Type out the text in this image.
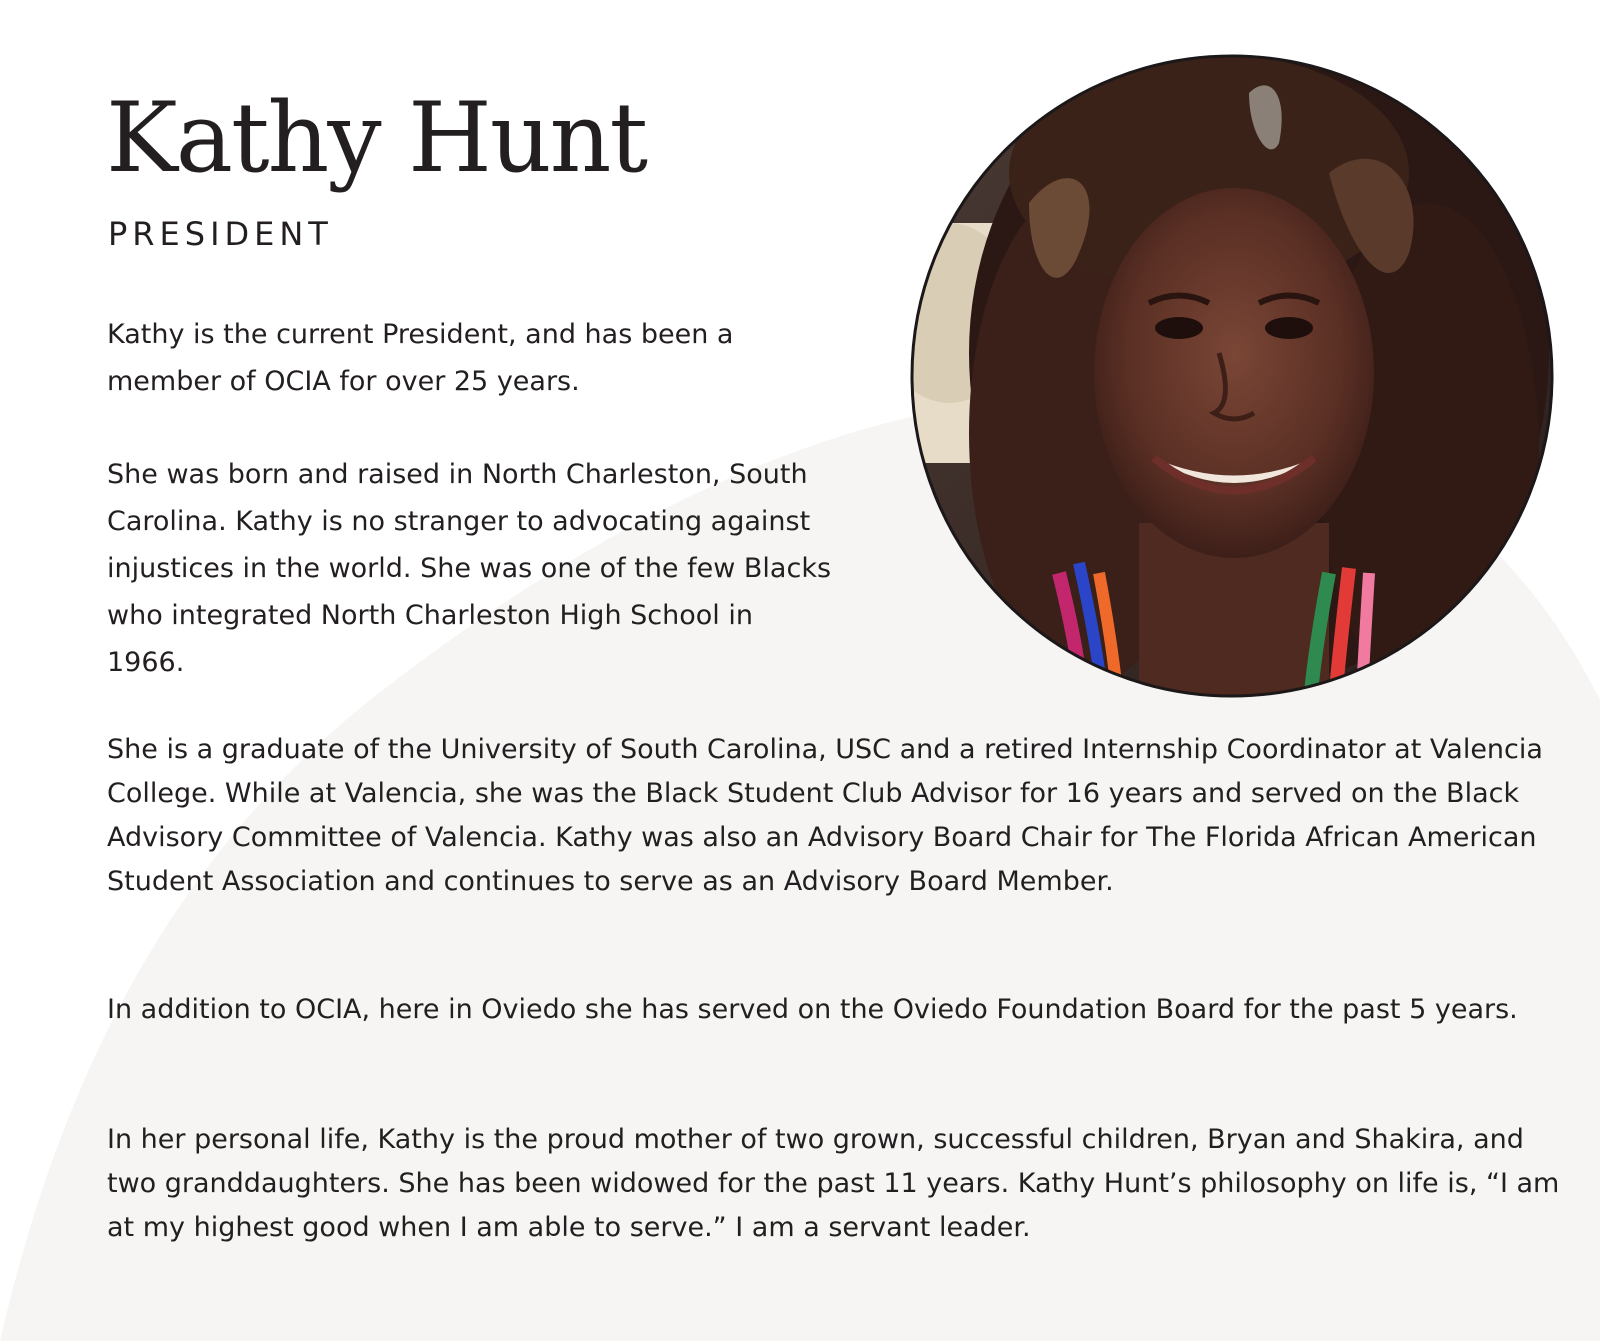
Kathy Hunt
PRESIDENT

Kathy is the current President, and has been a member of OCIA for over 25 years.

She was born and raised in North Charleston, South Carolina. Kathy is no stranger to advocating against injustices in the world. She was one of the few Blacks who integrated North Charleston High School in 1966.

She is a graduate of the University of South Carolina, USC and a retired Internship Coordinator at Valencia College. While at Valencia, she was the Black Student Club Advisor for 16 years and served on the Black Advisory Committee of Valencia. Kathy was also an Advisory Board Chair for The Florida African American Student Association and continues to serve as an Advisory Board Member.

In addition to OCIA, here in Oviedo she has served on the Oviedo Foundation Board for the past 5 years.

In her personal life, Kathy is the proud mother of two grown, successful children, Bryan and Shakira, and two granddaughters. She has been widowed for the past 11 years. Kathy Hunt’s philosophy on life is, “I am at my highest good when I am able to serve.” I am a servant leader.
